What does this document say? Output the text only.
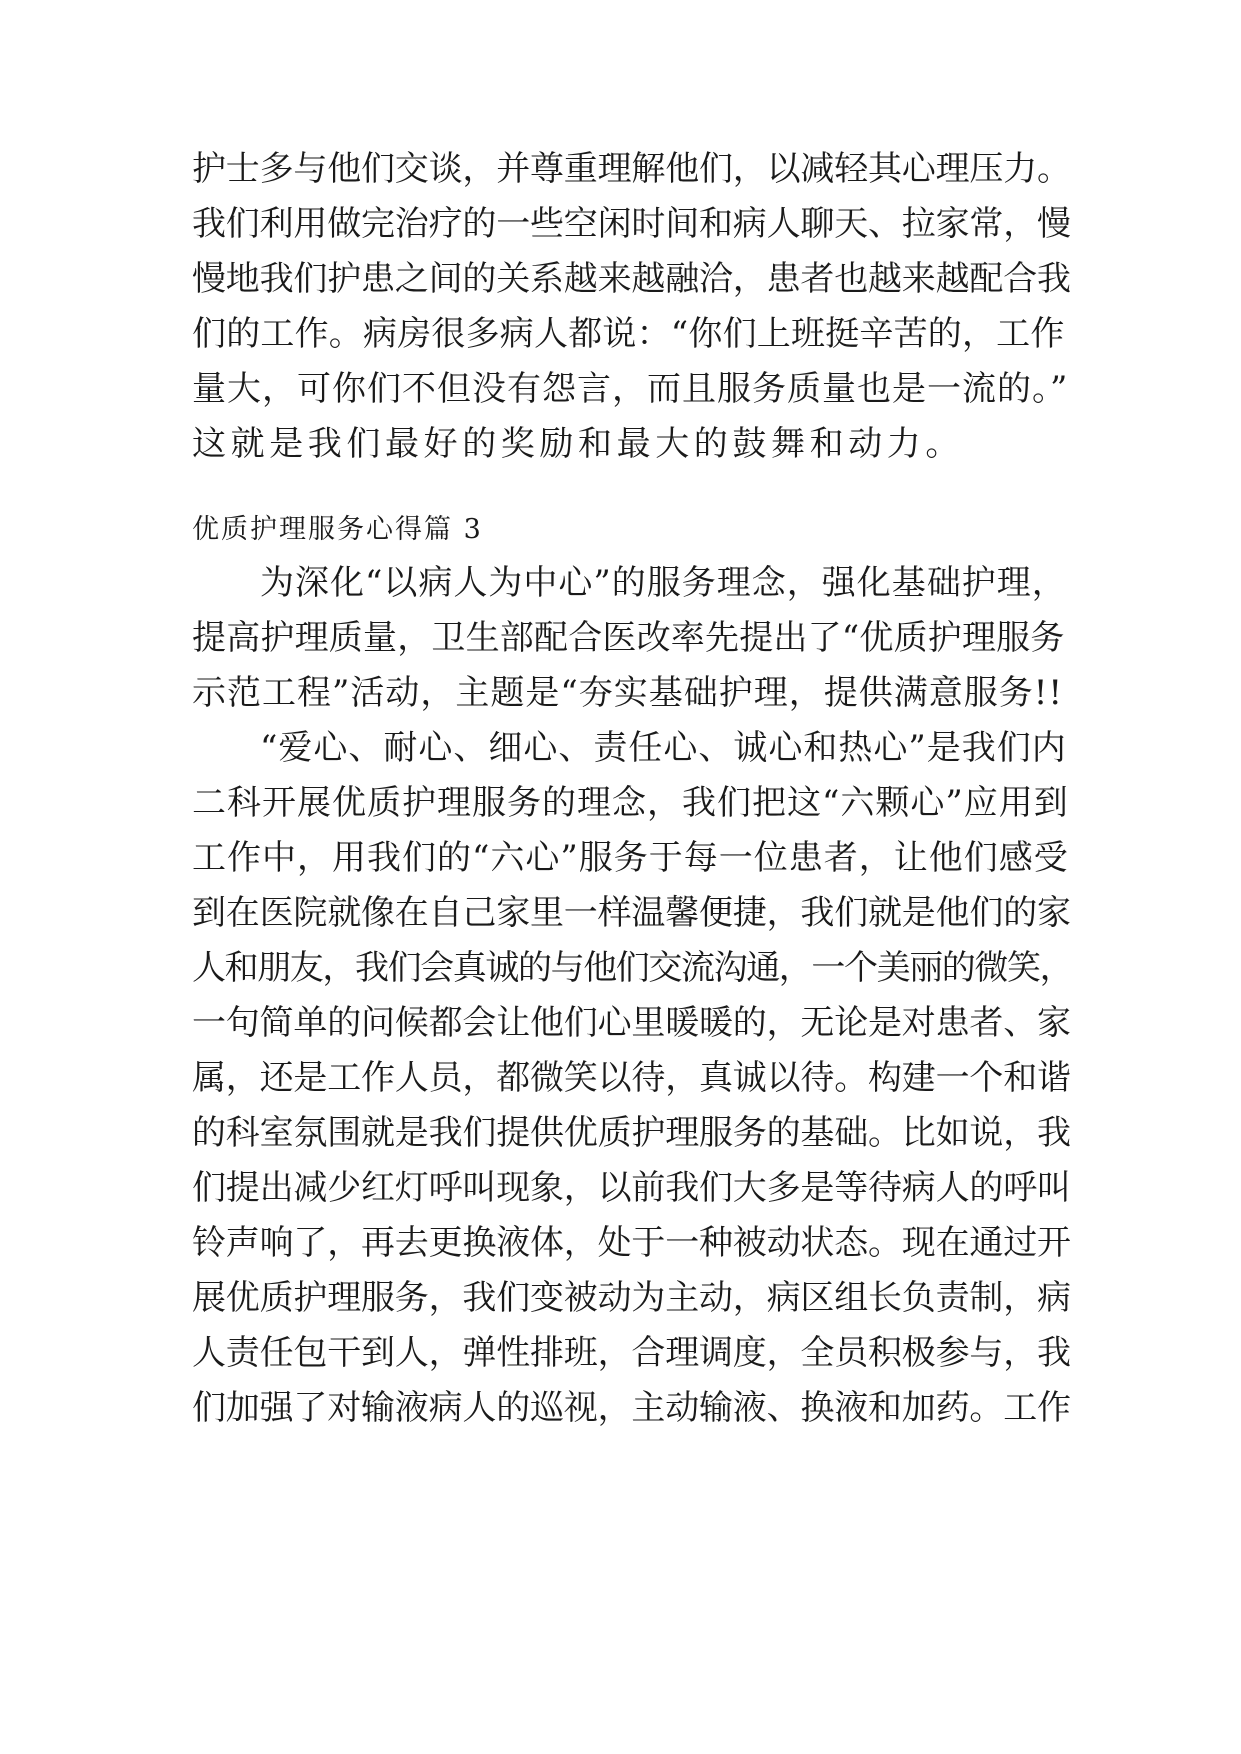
护士多与他们交谈，并尊重理解他们，以减轻其心理压力。
我们利用做完治疗的一些空闲时间和病人聊天、拉家常，慢
慢地我们护患之间的关系越来越融洽，患者也越来越配合我
们的工作。病房很多病人都说：“你们上班挺辛苦的，工作
量大，可你们不但没有怨言，而且服务质量也是一流的。”
这就是我们最好的奖励和最大的鼓舞和动力。
优质护理服务心得篇 3
为深化“以病人为中心”的服务理念，强化基础护理，
提高护理质量，卫生部配合医改率先提出了“优质护理服务
示范工程”活动，主题是“夯实基础护理，提供满意服务!!
“爱心、耐心、细心、责任心、诚心和热心”是我们内
二科开展优质护理服务的理念，我们把这“六颗心”应用到
工作中，用我们的“六心”服务于每一位患者，让他们感受
到在医院就像在自己家里一样温馨便捷，我们就是他们的家
人和朋友，我们会真诚的与他们交流沟通，一个美丽的微笑，
一句简单的问候都会让他们心里暖暖的，无论是对患者、家
属，还是工作人员，都微笑以待，真诚以待。构建一个和谐
的科室氛围就是我们提供优质护理服务的基础。比如说，我
们提出减少红灯呼叫现象，以前我们大多是等待病人的呼叫
铃声响了，再去更换液体，处于一种被动状态。现在通过开
展优质护理服务，我们变被动为主动，病区组长负责制，病
人责任包干到人，弹性排班，合理调度，全员积极参与，我
们加强了对输液病人的巡视，主动输液、换液和加药。工作
